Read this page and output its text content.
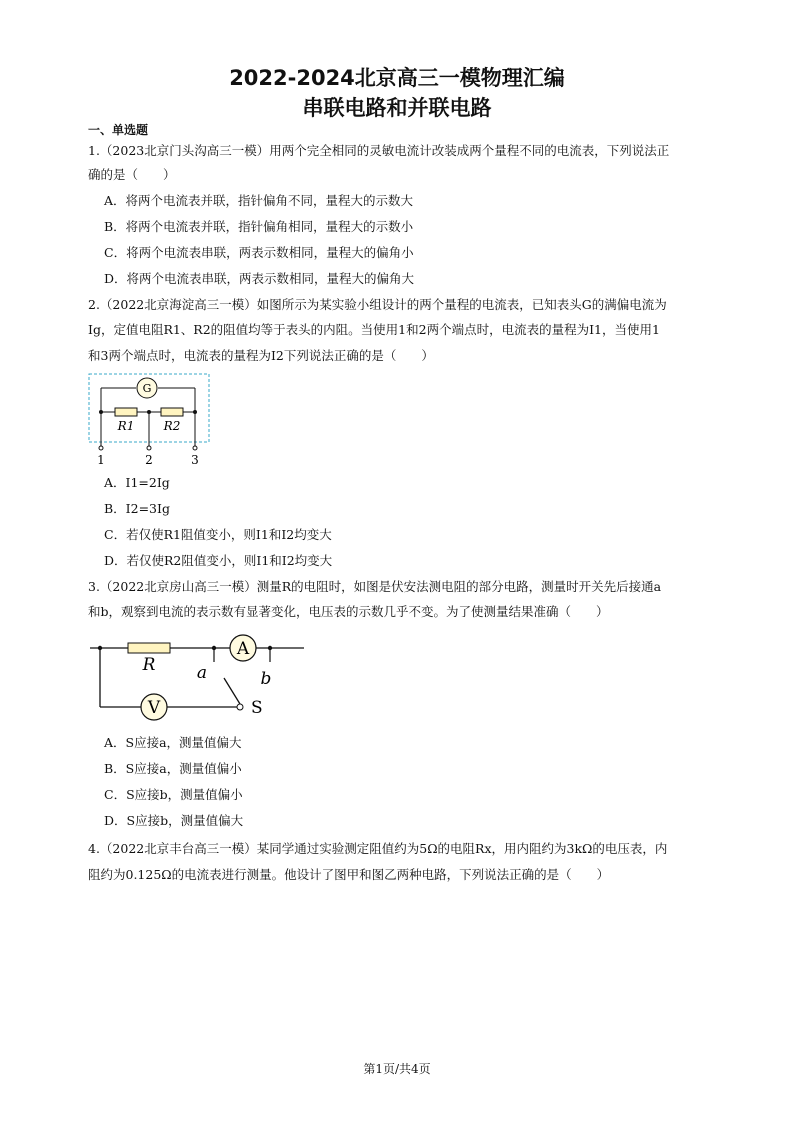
2022-2024北京高三一模物理汇编
串联电路和并联电路
一、单选题
1.（2023北京门头沟高三一模）用两个完全相同的灵敏电流计改装成两个量程不同的电流表，下列说法正
确的是（　　）
A．将两个电流表并联，指针偏角不同，量程大的示数大
B．将两个电流表并联，指针偏角相同，量程大的示数小
C．将两个电流表串联，两表示数相同，量程大的偏角小
D．将两个电流表串联，两表示数相同，量程大的偏角大
2.（2022北京海淀高三一模）如图所示为某实验小组设计的两个量程的电流表，已知表头G的满偏电流为
Ig，定值电阻R1、R2的阻值均等于表头的内阻。当使用1和2两个端点时，电流表的量程为I1，当使用1
和3两个端点时，电流表的量程为I2下列说法正确的是（　　）
G
R1 R2
1	2	3
A．I1=2Ig
B．I2=3Ig
C．若仅使R1阻值变小，则I1和I2均变大
D．若仅使R2阻值变小，则I1和I2均变大
3.（2022北京房山高三一模）测量R的电阻时，如图是伏安法测电阻的部分电路，测量时开关先后接通a
和b，观察到电流的表示数有显著变化，电压表的示数几乎不变。为了使测量结果准确（　　）
A
R a	b
V	S
A．S应接a，测量值偏大
B．S应接a，测量值偏小
C．S应接b，测量值偏小
D．S应接b，测量值偏大
4.（2022北京丰台高三一模）某同学通过实验测定阻值约为5Ω的电阻Rx，用内阻约为3kΩ的电压表，内
阻约为0.125Ω的电流表进行测量。他设计了图甲和图乙两种电路，下列说法正确的是（　　）
第1页/共4页
